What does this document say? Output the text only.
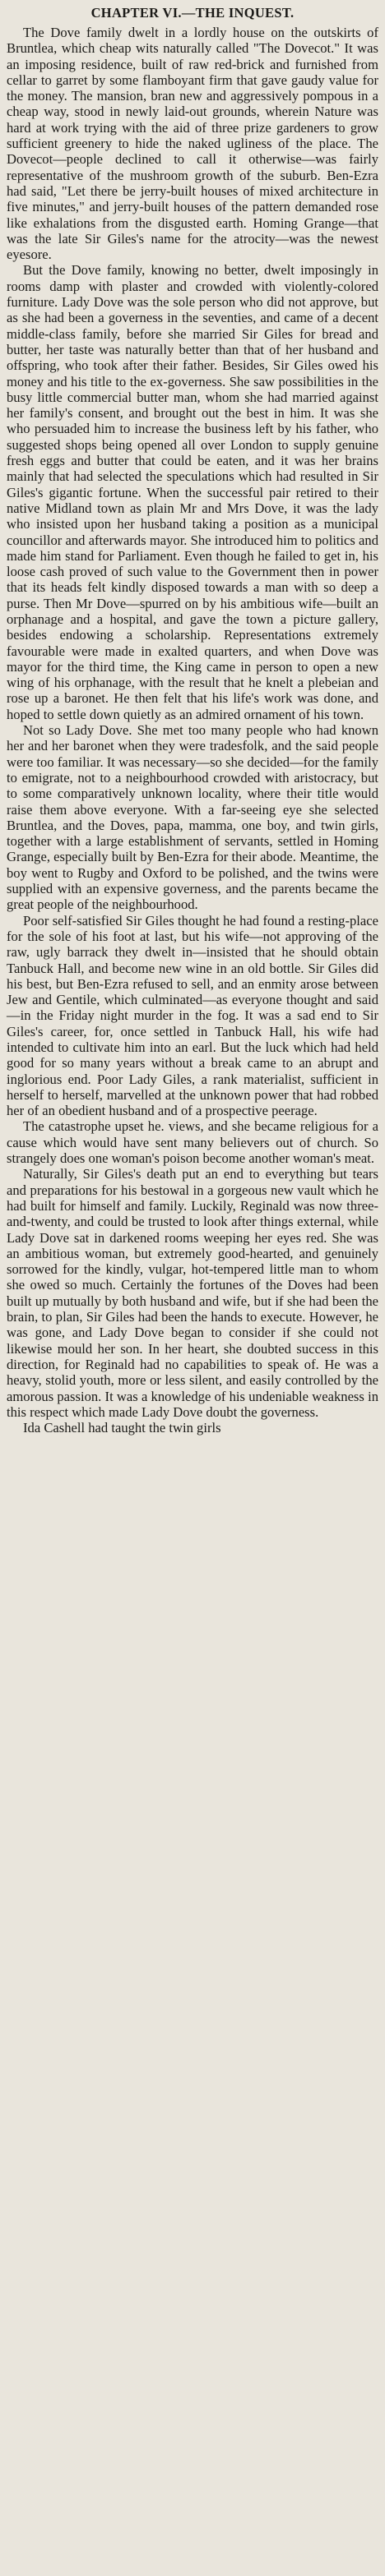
CHAPTER VI.—THE INQUEST.

The Dove family dwelt in a lordly house on the outskirts of Bruntlea, which cheap wits naturally called "The Dovecot." It was an imposing residence, built of raw red-brick and furnished from cellar to garret by some flamboyant firm that gave gaudy value for the money. The mansion, bran new and aggressively pompous in a cheap way, stood in newly laid-out grounds, wherein Nature was hard at work trying with the aid of three prize gardeners to grow sufficient greenery to hide the naked ugliness of the place. The Dovecot—people declined to call it otherwise—was fairly representative of the mushroom growth of the suburb. Ben-Ezra had said, "Let there be jerry-built houses of mixed architecture in five minutes," and jerry-built houses of the pattern demanded rose like exhalations from the disgusted earth. Homing Grange—that was the late Sir Giles's name for the atrocity—was the newest eyesore.

But the Dove family, knowing no better, dwelt imposingly in rooms damp with plaster and crowded with violently-colored furniture. Lady Dove was the sole person who did not approve, but as she had been a governess in the seventies, and came of a decent middle-class family, before she married Sir Giles for bread and butter, her taste was naturally better than that of her husband and offspring, who took after their father. Besides, Sir Giles owed his money and his title to the ex-governess. She saw possibilities in the busy little commercial butter man, whom she had married against her family's consent, and brought out the best in him. It was she who persuaded him to increase the business left by his father, who suggested shops being opened all over London to supply genuine fresh eggs and butter that could be eaten, and it was her brains mainly that had selected the speculations which had resulted in Sir Giles's gigantic fortune. When the successful pair retired to their native Midland town as plain Mr and Mrs Dove, it was the lady who insisted upon her husband taking a position as a municipal councillor and afterwards mayor. She introduced him to politics and made him stand for Parliament. Even though he failed to get in, his loose cash proved of such value to the Government then in power that its heads felt kindly disposed towards a man with so deep a purse. Then Mr Dove—spurred on by his ambitious wife—built an orphanage and a hospital, and gave the town a picture gallery, besides endowing a scholarship. Representations extremely favourable were made in exalted quarters, and when Dove was mayor for the third time, the King came in person to open a new wing of his orphanage, with the result that he knelt a plebeian and rose up a baronet. He then felt that his life's work was done, and hoped to settle down quietly as an admired ornament of his town.

Not so Lady Dove. She met too many people who had known her and her baronet when they were tradesfolk, and the said people were too familiar. It was necessary—so she decided—for the family to emigrate, not to a neighbourhood crowded with aristocracy, but to some comparatively unknown locality, where their title would raise them above everyone. With a far-seeing eye she selected Bruntlea, and the Doves, papa, mamma, one boy, and twin girls, together with a large establishment of servants, settled in Homing Grange, especially built by Ben-Ezra for their abode. Meantime, the boy went to Rugby and Oxford to be polished, and the twins were supplied with an expensive governess, and the parents became the great people of the neighbourhood.

Poor self-satisfied Sir Giles thought he had found a resting-place for the sole of his foot at last, but his wife—not approving of the raw, ugly barrack they dwelt in—insisted that he should obtain Tanbuck Hall, and become new wine in an old bottle. Sir Giles did his best, but Ben-Ezra refused to sell, and an enmity arose between Jew and Gentile, which culminated—as everyone thought and said—in the Friday night murder in the fog. It was a sad end to Sir Giles's career, for, once settled in Tanbuck Hall, his wife had intended to cultivate him into an earl. But the luck which had held good for so many years without a break came to an abrupt and inglorious end. Poor Lady Giles, a rank materialist, sufficient in herself to herself, marvelled at the unknown power that had robbed her of an obedient husband and of a prospective peerage.

The catastrophe upset he. views, and she became religious for a cause which would have sent many believers out of church. So strangely does one woman's poison become another woman's meat.

Naturally, Sir Giles's death put an end to everything but tears and preparations for his bestowal in a gorgeous new vault which he had built for himself and family. Luckily, Reginald was now three-and-twenty, and could be trusted to look after things external, while Lady Dove sat in darkened rooms weeping her eyes red. She was an ambitious woman, but extremely good-hearted, and genuinely sorrowed for the kindly, vulgar, hot-tempered little man to whom she owed so much. Certainly the fortunes of the Doves had been built up mutually by both husband and wife, but if she had been the brain, to plan, Sir Giles had been the hands to execute. However, he was gone, and Lady Dove began to consider if she could not likewise mould her son. In her heart, she doubted success in this direction, for Reginald had no capabilities to speak of. He was a heavy, stolid youth, more or less silent, and easily controlled by the amorous passion. It was a knowledge of his undeniable weakness in this respect which made Lady Dove doubt the governess.

Ida Cashell had taught the twin girls
